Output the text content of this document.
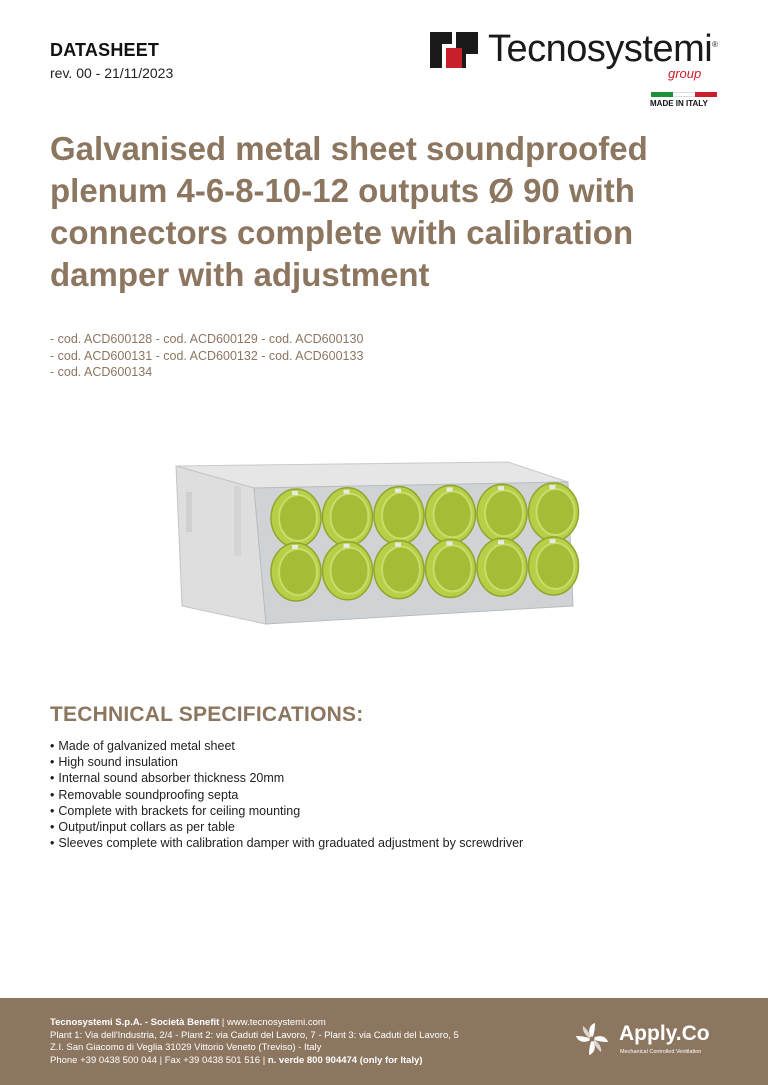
DATASHEET
rev. 00 - 21/11/2023
Tecnosystemi ®
group
MADE IN ITALY
Galvanised metal sheet soundproofed plenum 4-6-8-10-12 outputs Ø 90 with connectors complete with calibration damper with adjustment
- cod. ACD600128 - cod. ACD600129 - cod. ACD600130
- cod. ACD600131 - cod. ACD600132 - cod. ACD600133
- cod. ACD600134
TECHNICAL SPECIFICATIONS:
• Made of galvanized metal sheet
• High sound insulation
• Internal sound absorber thickness 20mm
• Removable soundproofing septa
• Complete with brackets for ceiling mounting
• Output/input collars as per table
• Sleeves complete with calibration damper with graduated adjustment by screwdriver
Tecnosystemi S.p.A. - Società Benefit | www.tecnosystemi.com
Plant 1: Via dell'Industria, 2/4 - Plant 2: via Caduti del Lavoro, 7 - Plant 3: via Caduti del Lavoro, 5
Z.I. San Giacomo di Veglia 31029 Vittorio Veneto (Treviso) - Italy
Phone +39 0438 500 044 | Fax +39 0438 501 516 | n. verde 800 904474 (only for Italy)
Apply.Co
Mechanical Controlled Ventilation
